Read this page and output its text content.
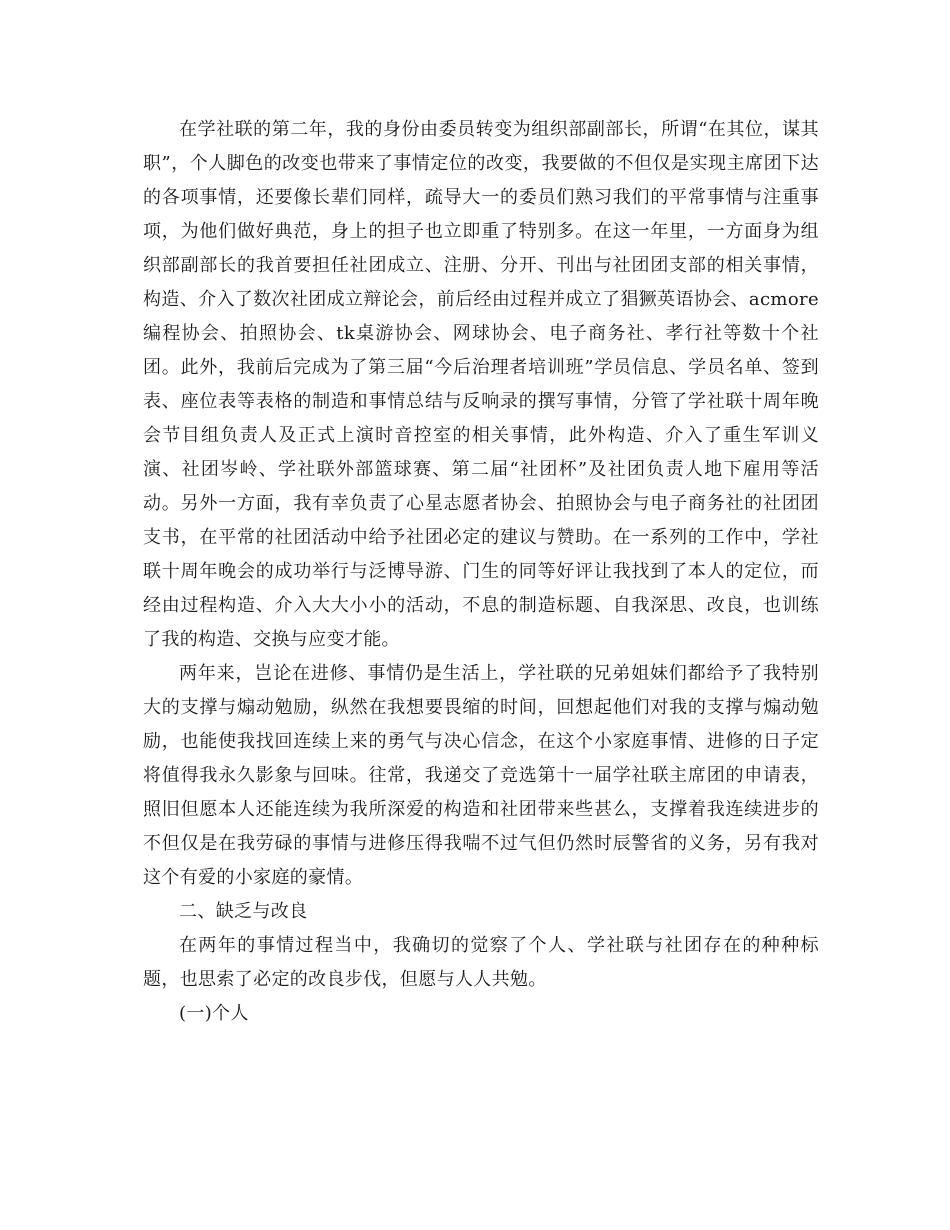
在学社联的第二年，我的身份由委员转变为组织部副部长，所谓“在其位，谋其职”，个人脚色的改变也带来了事情定位的改变，我要做的不但仅是实现主席团下达的各项事情，还要像长辈们同样，疏导大一的委员们熟习我们的平常事情与注重事项，为他们做好典范，身上的担子也立即重了特别多。在这一年里，一方面身为组织部副部长的我首要担任社团成立、注册、分开、刊出与社团团支部的相关事情，构造、介入了数次社团成立辩论会，前后经由过程并成立了猖獗英语协会、acmore编程协会、拍照协会、tk桌游协会、网球协会、电子商务社、孝行社等数十个社团。此外，我前后完成为了第三届“今后治理者培训班”学员信息、学员名单、签到表、座位表等表格的制造和事情总结与反响录的撰写事情，分管了学社联十周年晚会节目组负责人及正式上演时音控室的相关事情，此外构造、介入了重生军训义演、社团岑岭、学社联外部篮球赛、第二届“社团杯”及社团负责人地下雇用等活动。另外一方面，我有幸负责了心星志愿者协会、拍照协会与电子商务社的社团团支书，在平常的社团活动中给予社团必定的建议与赞助。在一系列的工作中，学社联十周年晚会的成功举行与泛博导游、门生的同等好评让我找到了本人的定位，而经由过程构造、介入大大小小的活动，不息的制造标题、自我深思、改良，也训练了我的构造、交换与应变才能。

两年来，岂论在进修、事情仍是生活上，学社联的兄弟姐妹们都给予了我特别大的支撑与煽动勉励，纵然在我想要畏缩的时间，回想起他们对我的支撑与煽动勉励，也能使我找回连续上来的勇气与决心信念，在这个小家庭事情、进修的日子定将值得我永久影象与回味。往常，我递交了竞选第十一届学社联主席团的申请表，照旧但愿本人还能连续为我所深爱的构造和社团带来些甚么，支撑着我连续进步的不但仅是在我劳碌的事情与进修压得我喘不过气但仍然时辰警省的义务，另有我对这个有爱的小家庭的豪情。

二、缺乏与改良

在两年的事情过程当中，我确切的觉察了个人、学社联与社团存在的种种标题，也思索了必定的改良步伐，但愿与人人共勉。

(一)个人
